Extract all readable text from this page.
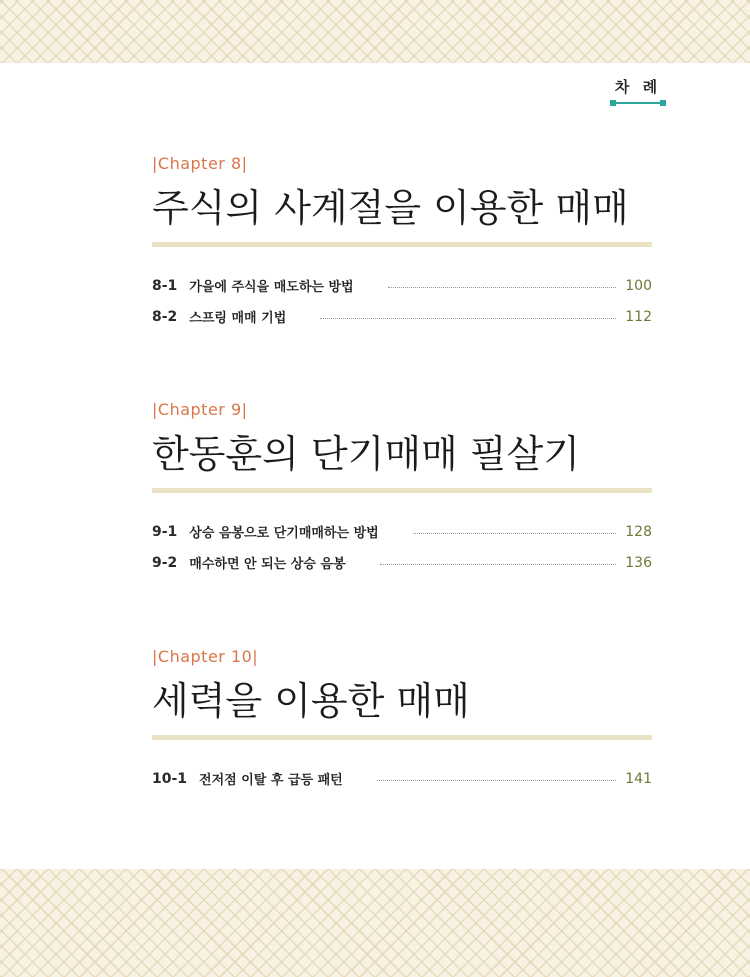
차 례
|Chapter 8|
주식의 사계절을 이용한 매매
8-1 가을에 주식을 매도하는 방법	100
8-2 스프링 매매 기법	112
|Chapter 9|
한동훈의 단기매매 필살기
9-1 상승 음봉으로 단기매매하는 방법	128
9-2 매수하면 안 되는 상승 음봉	136
|Chapter 10|
세력을 이용한 매매
10-1 전저점 이탈 후 급등 패턴	141
